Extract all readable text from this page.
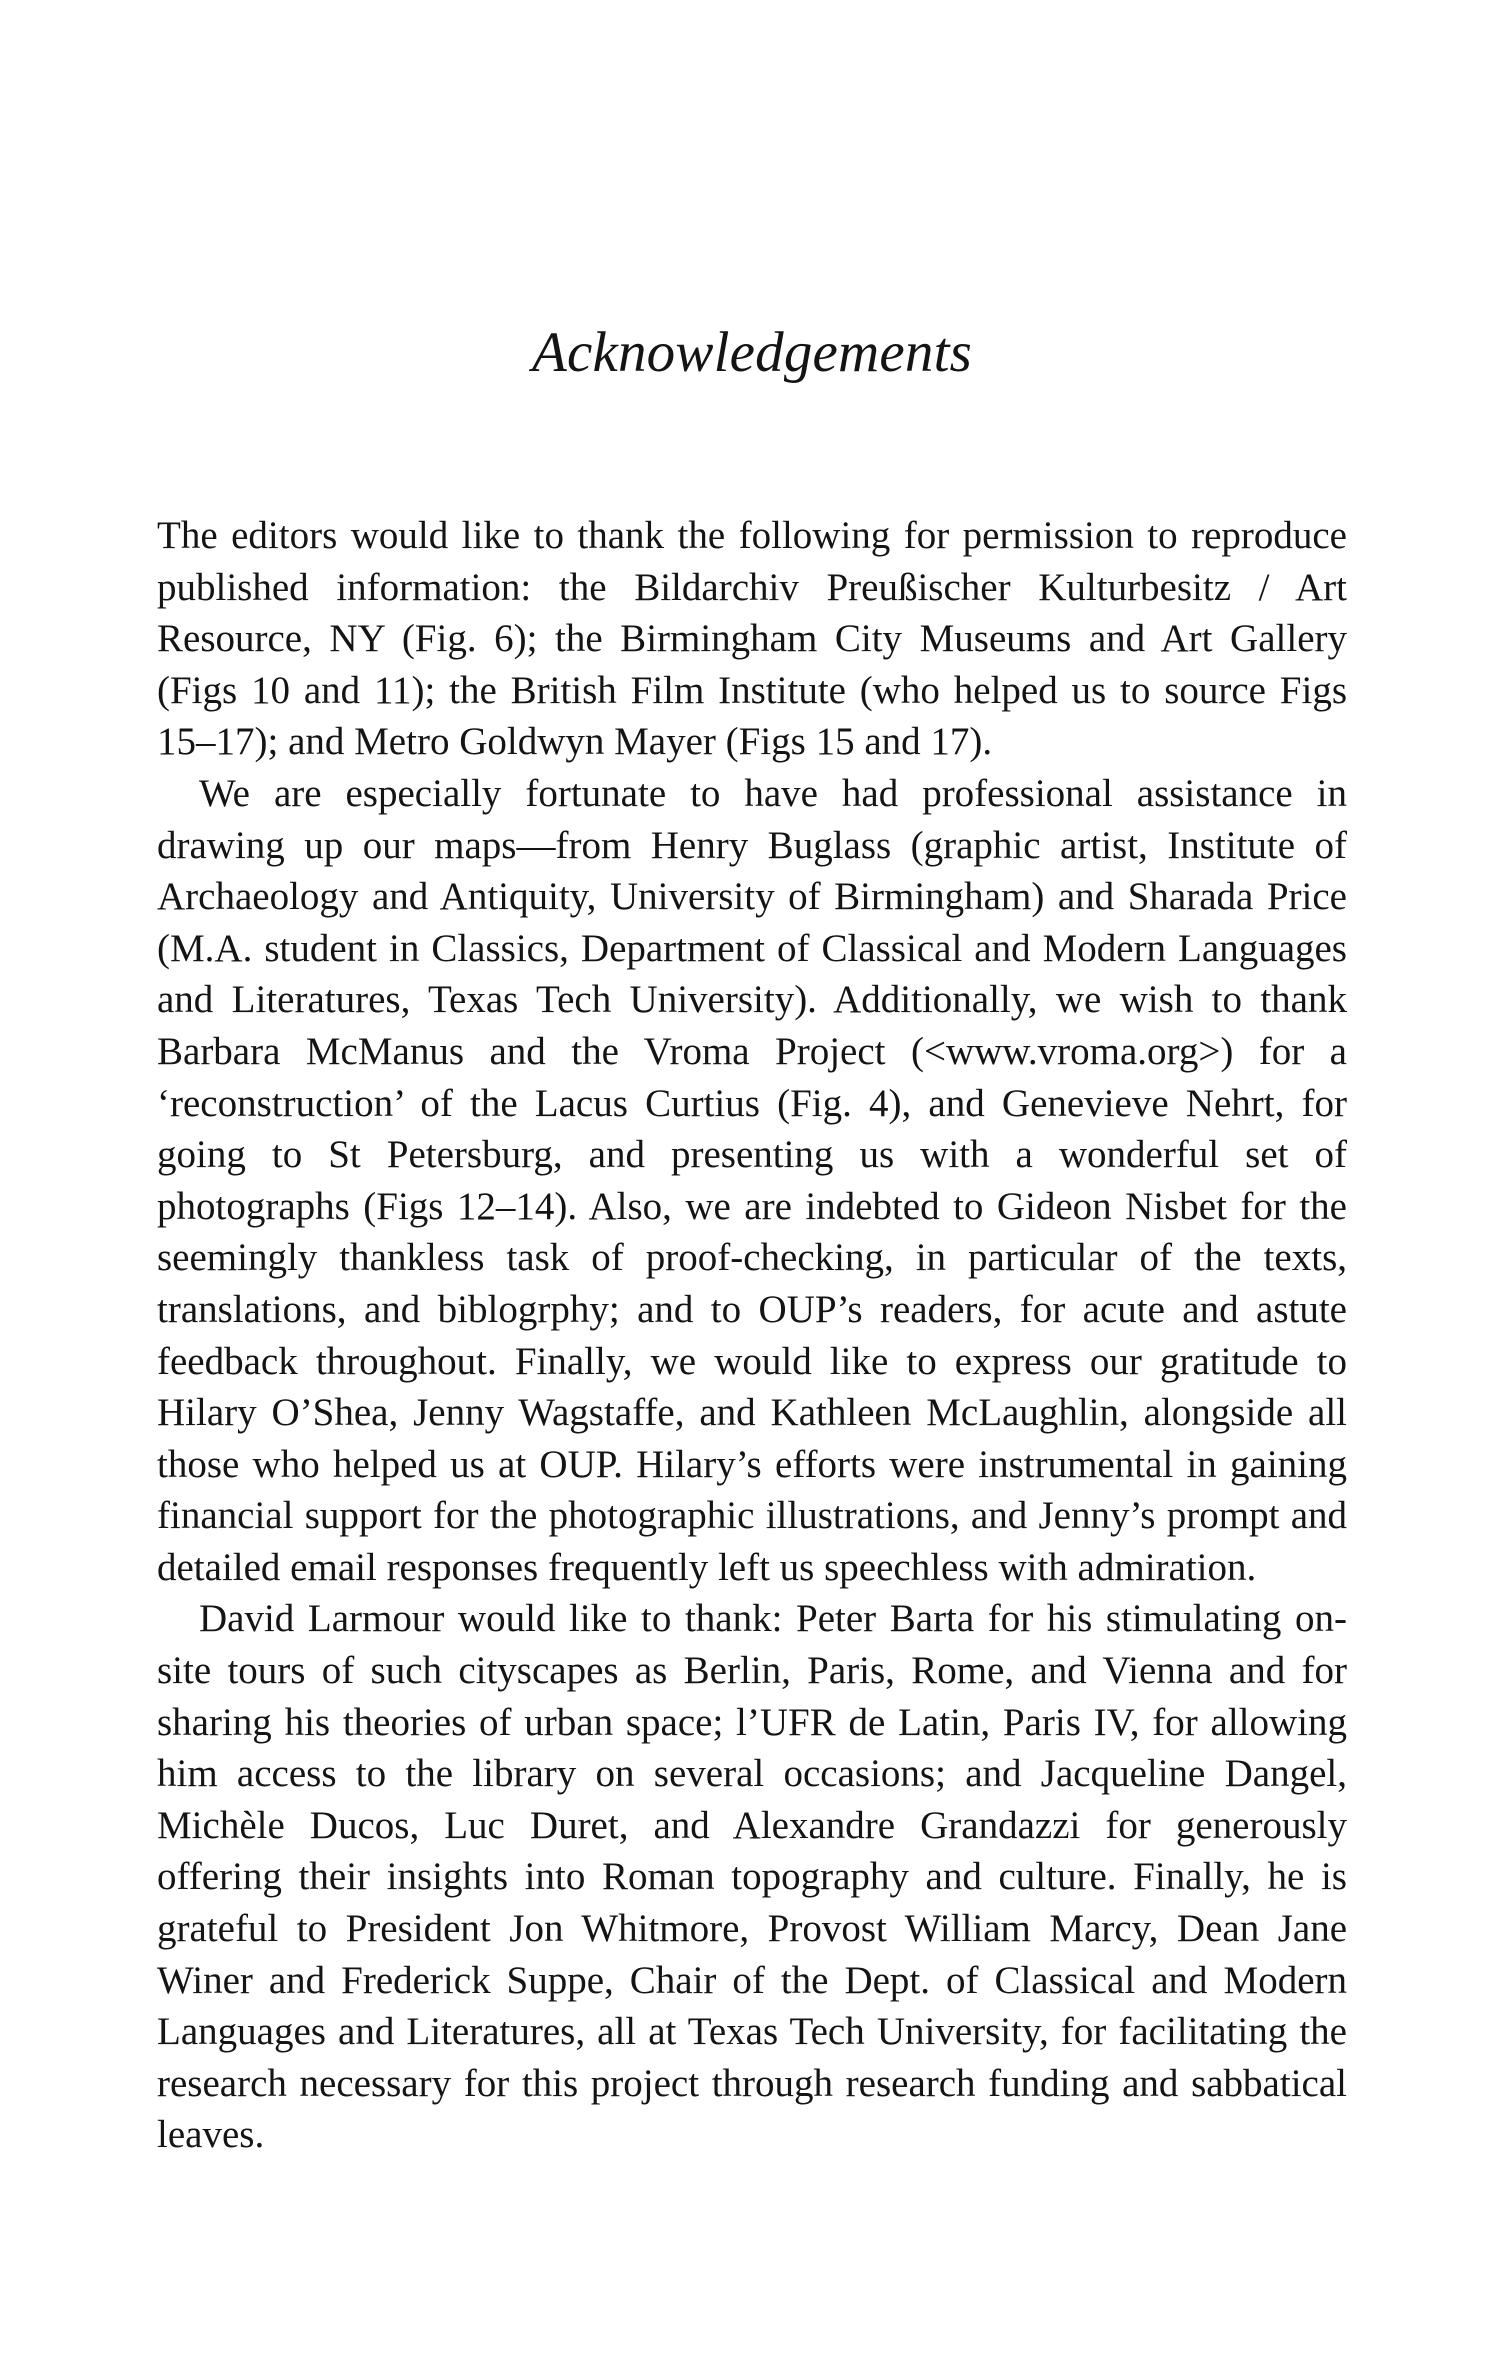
Acknowledgements

The editors would like to thank the following for permission to reproduce published information: the Bildarchiv Preußischer Kulturbesitz / Art Resource, NY (Fig. 6); the Birmingham City Museums and Art Gallery (Figs 10 and 11); the British Film Institute (who helped us to source Figs 15–17); and Metro Goldwyn Mayer (Figs 15 and 17).

We are especially fortunate to have had professional assistance in drawing up our maps—from Henry Buglass (graphic artist, Institute of Archaeology and Antiquity, University of Birmingham) and Sharada Price (M.A. student in Classics, Department of Classical and Modern Languages and Literatures, Texas Tech University). Additionally, we wish to thank Barbara McManus and the Vroma Project (<www.vroma.org>) for a ‘reconstruction’ of the Lacus Curtius (Fig. 4), and Genevieve Nehrt, for going to St Petersburg, and presenting us with a wonderful set of photographs (Figs 12–14). Also, we are indebted to Gideon Nisbet for the seemingly thankless task of proof-checking, in particular of the texts, translations, and biblogrphy; and to OUP’s readers, for acute and astute feedback throughout. Finally, we would like to express our gratitude to Hilary O’Shea, Jenny Wagstaffe, and Kathleen McLaughlin, alongside all those who helped us at OUP. Hilary’s efforts were instrumental in gaining financial support for the photographic illustrations, and Jenny’s prompt and detailed email responses frequently left us speechless with admiration.

David Larmour would like to thank: Peter Barta for his stimulating on-site tours of such cityscapes as Berlin, Paris, Rome, and Vienna and for sharing his theories of urban space; l’UFR de Latin, Paris IV, for allowing him access to the library on several occasions; and Jacqueline Dangel, Michèle Ducos, Luc Duret, and Alexandre Grandazzi for generously offering their insights into Roman topography and culture. Finally, he is grateful to President Jon Whitmore, Provost William Marcy, Dean Jane Winer and Frederick Suppe, Chair of the Dept. of Classical and Modern Languages and Literatures, all at Texas Tech University, for facilitating the research necessary for this project through research funding and sabbatical leaves.
